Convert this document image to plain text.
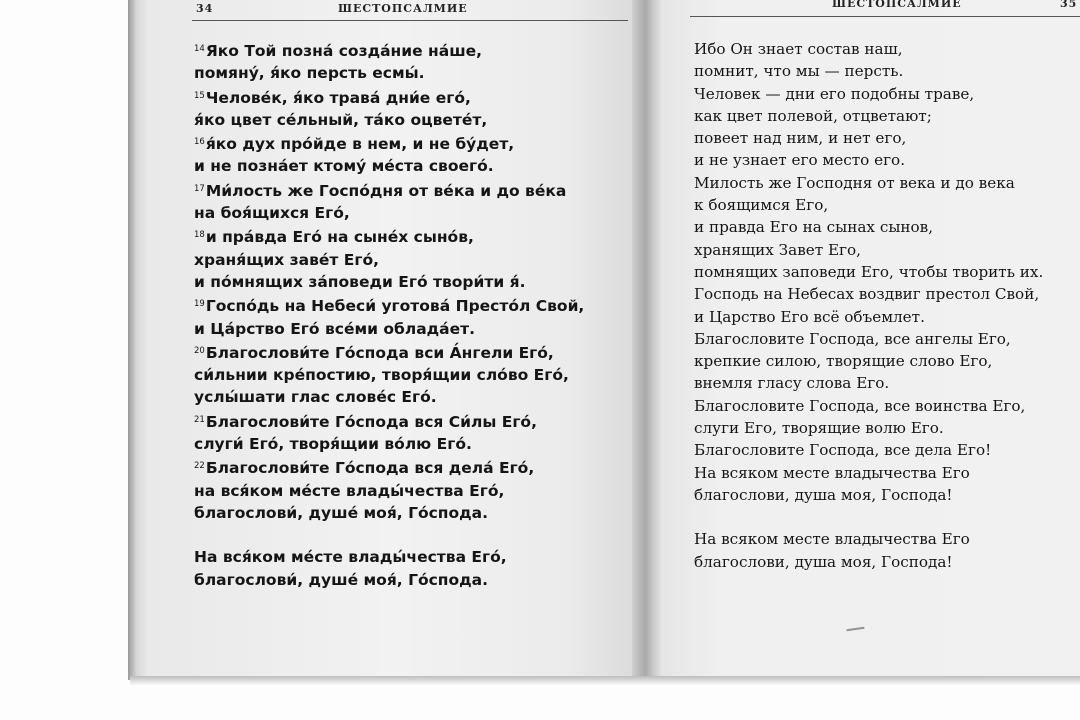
34	ШЕСТОПСАЛМИЕ	ШЕСТОПСАЛМИЕ	35
$^{14}$Яко Той позна́ созда́ние на́ше,
помяну́, я́ко персть есмы́.
$^{15}$Челове́к, я́ко трава́ дни́е его́,
я́ко цвет се́льный, та́ко оцвете́т,
$^{16}$я́ко дух про́йде в нем, и не бу́дет,
и не позна́ет ктому́ ме́ста своего́.
$^{17}$Ми́лость же Госпо́дня от ве́ка и до ве́ка
на боя́щихся Его́,
$^{18}$и пра́вда Его́ на сыне́х сыно́в,
храня́щих заве́т Его́,
и по́мнящих за́поведи Его́ твори́ти я́.
$^{19}$Госпо́дь на Небеси́ уготова́ Престо́л Свой,
и Ца́рство Его́ все́ми облада́ет.
$^{20}$Благослови́те Го́спода вси А́нгели Его́,
си́льнии кре́постию, творя́щии сло́во Его́,
услы́шати глас слове́с Его́.
$^{21}$Благослови́те Го́спода вся Си́лы Его́,
слуги́ Его́, творя́щии во́лю Его́.
$^{22}$Благослови́те Го́спода вся дела́ Его́,
на вся́ком ме́сте влады́чества Его́,
благослови́, душе́ моя́, Го́спода.
На вся́ком ме́сте влады́чества Его́,
благослови́, душе́ моя́, Го́спода.
Ибо Он знает состав наш,
помнит, что мы — персть.
Человек — дни его подобны траве,
как цвет полевой, отцветают;
повеет над ним, и нет его,
и не узнает его место его.
Милость же Господня от века и до века
к боящимся Его,
и правда Его на сынах сынов,
хранящих Завет Его,
помнящих заповеди Его, чтобы творить их.
Господь на Небесах воздвиг престол Свой,
и Царство Его всё объемлет.
Благословите Господа, все ангелы Его,
крепкие силою, творящие слово Его,
внемля гласу слова Его.
Благословите Господа, все воинства Его,
слуги Его, творящие волю Его.
Благословите Господа, все дела Его!
На всяком месте владычества Его
благослови, душа моя, Господа!
На всяком месте владычества Его
благослови, душа моя, Господа!
